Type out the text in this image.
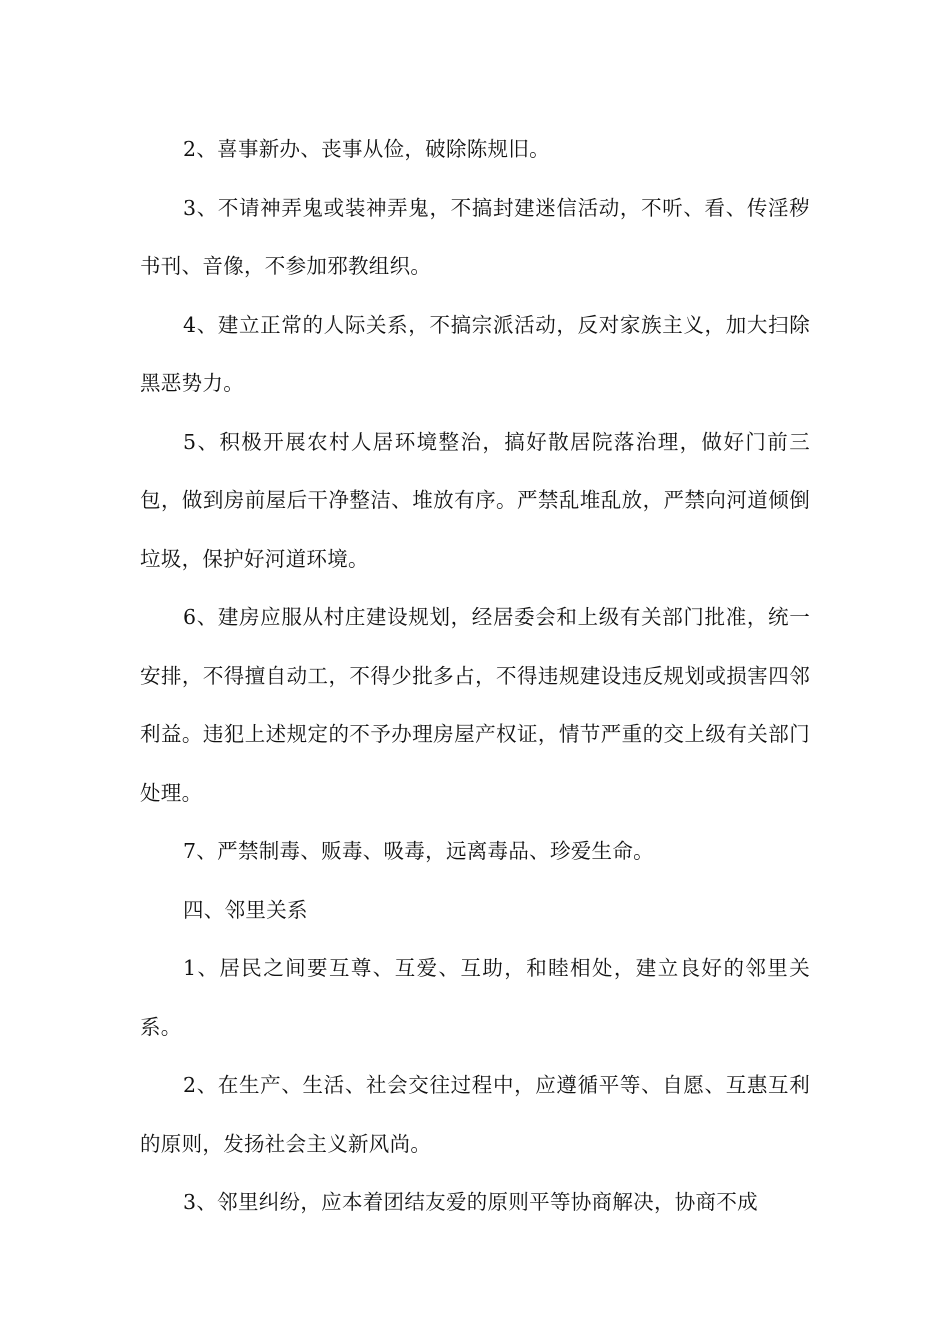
2、喜事新办、丧事从俭，破除陈规旧。

3、不请神弄鬼或装神弄鬼，不搞封建迷信活动，不听、看、传淫秽书刊、音像，不参加邪教组织。

4、建立正常的人际关系，不搞宗派活动，反对家族主义，加大扫除黑恶势力。

5、积极开展农村人居环境整治，搞好散居院落治理，做好门前三包，做到房前屋后干净整洁、堆放有序。严禁乱堆乱放，严禁向河道倾倒垃圾，保护好河道环境。

6、建房应服从村庄建设规划，经居委会和上级有关部门批准，统一安排，不得擅自动工，不得少批多占，不得违规建设违反规划或损害四邻利益。违犯上述规定的不予办理房屋产权证，情节严重的交上级有关部门处理。

7、严禁制毒、贩毒、吸毒，远离毒品、珍爱生命。

四、邻里关系

1、居民之间要互尊、互爱、互助，和睦相处，建立良好的邻里关系。

2、在生产、生活、社会交往过程中，应遵循平等、自愿、互惠互利的原则，发扬社会主义新风尚。

3、邻里纠纷，应本着团结友爱的原则平等协商解决，协商不成
